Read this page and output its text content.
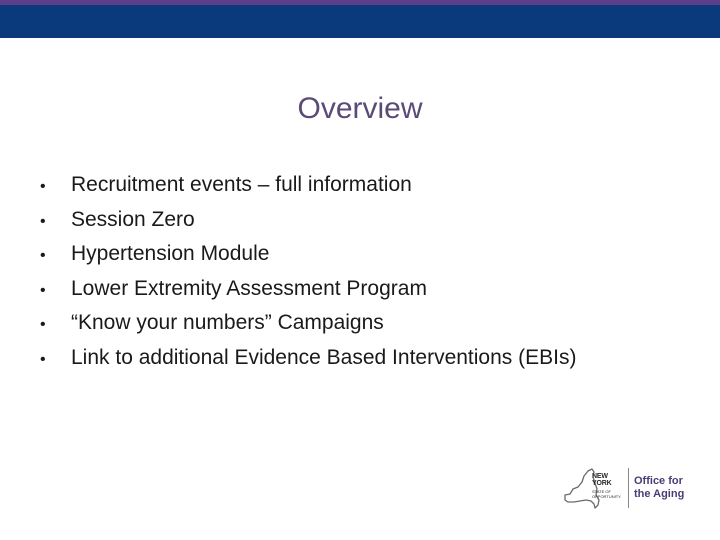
Overview
•	Recruitment events – full information
•	Session Zero
•	Hypertension Module
•	Lower Extremity Assessment Program
•	“Know your numbers” Campaigns
•	Link to additional Evidence Based Interventions (EBIs)
NEW YORK
STATE OF OPPORTUNITY.
Office for
the Aging
